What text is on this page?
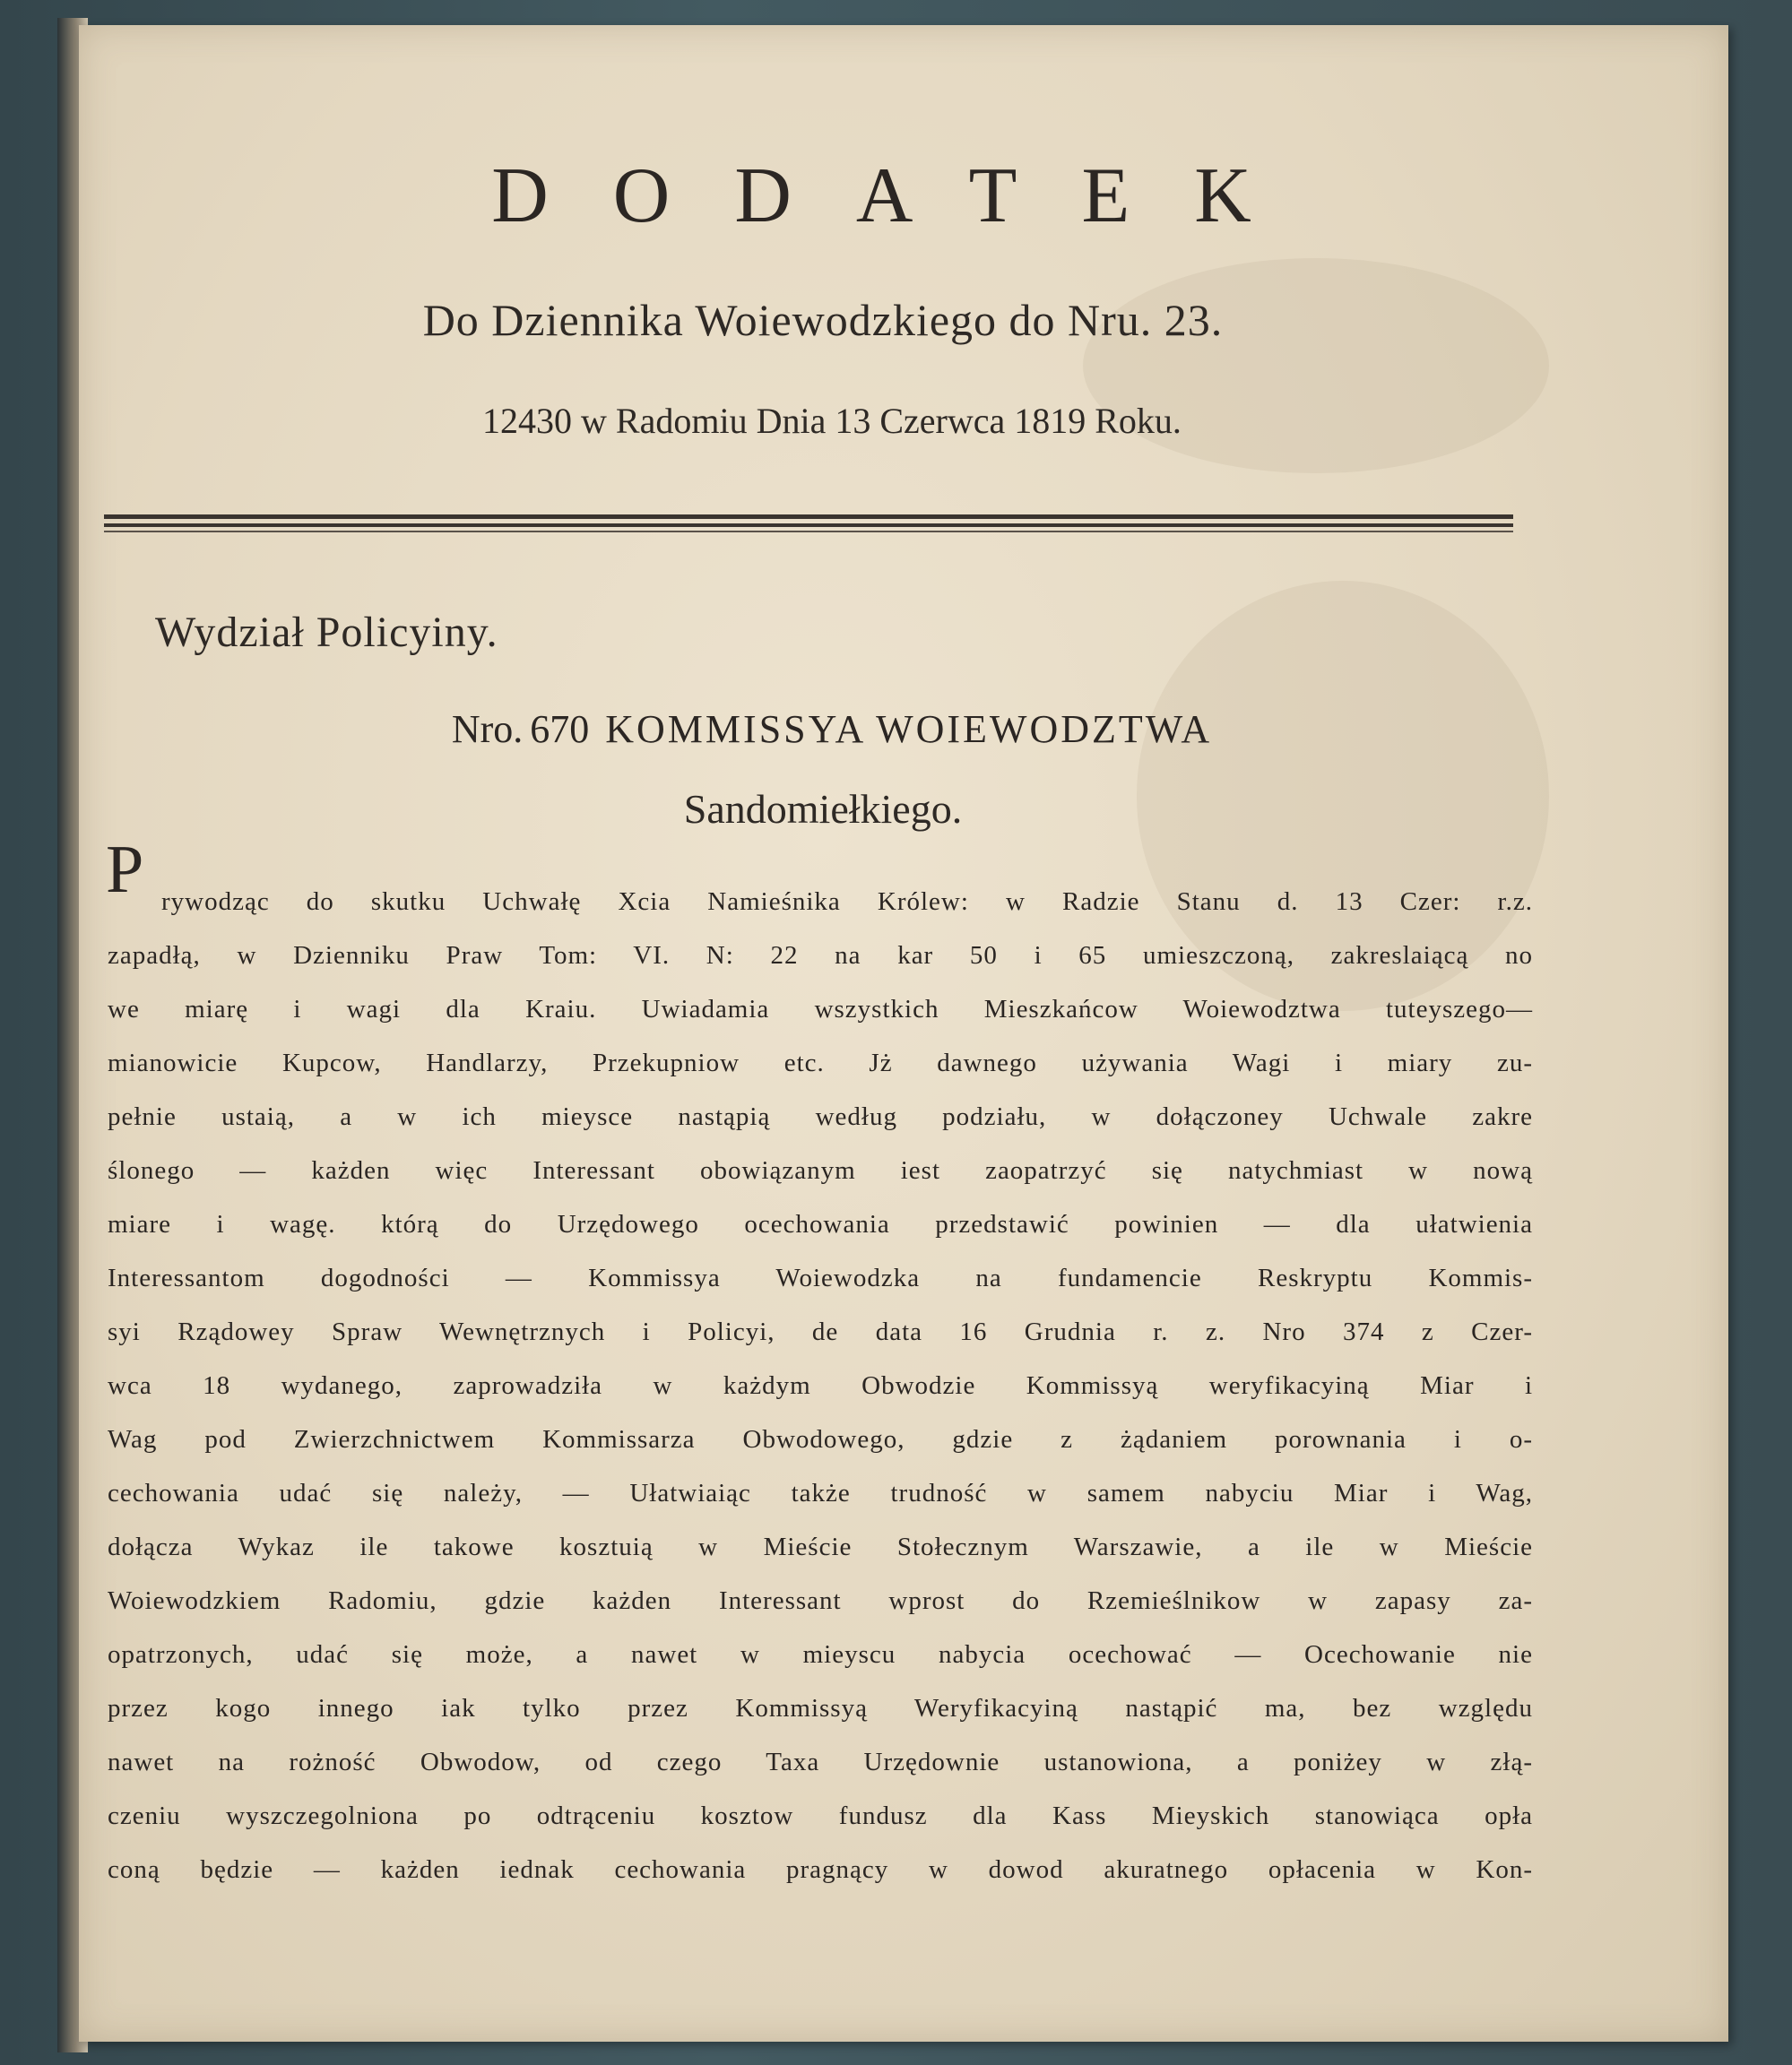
DODATEK
Do Dziennika Woiewodzkiego do Nru. 23.
12430 w Radomiu Dnia 13 Czerwca 1819 Roku.
Wydział Policyiny.
Nro. 670 KOMMISSYA WOIEWODZTWA
Sandomiełkiego.
P rywodząc do skutku Uchwałę Xcia Namieśnika Królew: w Radzie Stanu d. 13 Czer: r.z.
zapadłą, w Dzienniku Praw Tom: VI. N: 22 na kar 50 i 65 umieszczoną, zakreslaiącą no
we miarę i wagi dla Kraiu. Uwiadamia wszystkich Mieszkańcow Woiewodztwa tuteyszego—
mianowicie Kupcow, Handlarzy, Przekupniow etc. Jż dawnego używania Wagi i miary zu-
pełnie ustaią, a w ich mieysce nastąpią według podziału, w dołączoney Uchwale zakre
ślonego — każden więc Interessant obowiązanym iest zaopatrzyć się natychmiast w nową
miare i wagę. którą do Urzędowego ocechowania przedstawić powinien — dla ułatwienia
Interessantom dogodności — Kommissya Woiewodzka na fundamencie Reskryptu Kommis-
syi Rządowey Spraw Wewnętrznych i Policyi, de data 16 Grudnia r. z. Nro 374 z Czer-
wca 18 wydanego, zaprowadziła w każdym Obwodzie Kommissyą weryfikacyiną Miar i
Wag pod Zwierzchnictwem Kommissarza Obwodowego, gdzie z żądaniem porownania i o-
cechowania udać się należy, — Ułatwiaiąc także trudność w samem nabyciu Miar i Wag,
dołącza Wykaz ile takowe kosztuią w Mieście Stołecznym Warszawie, a ile w Mieście
Woiewodzkiem Radomiu, gdzie każden Interessant wprost do Rzemieślnikow w zapasy za-
opatrzonych, udać się może, a nawet w mieyscu nabycia ocechować — Ocechowanie nie
przez kogo innego iak tylko przez Kommissyą Weryfikacyiną nastąpić ma, bez względu
nawet na rożność Obwodow, od czego Taxa Urzędownie ustanowiona, a poniżey w złą-
czeniu wyszczegolniona po odtrąceniu kosztow fundusz dla Kass Mieyskich stanowiąca opła
coną będzie — każden iednak cechowania pragnący w dowod akuratnego opłacenia w Kon-
